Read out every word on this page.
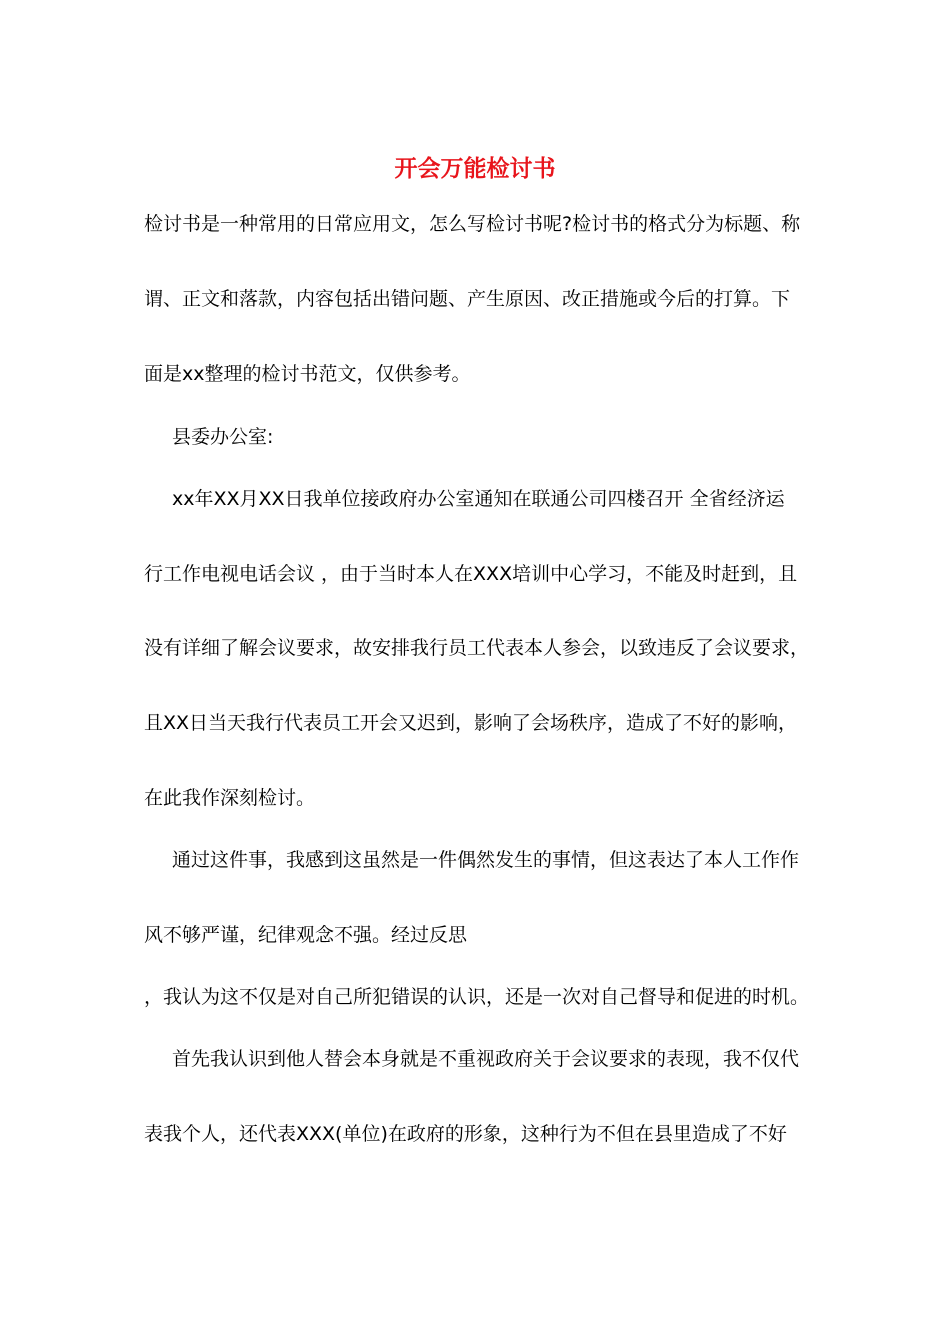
开会万能检讨书

检讨书是一种常用的日常应用文，怎么写检讨书呢?检讨书的格式分为标题、称

谓、正文和落款，内容包括出错问题、产生原因、改正措施或今后的打算。下

面是xx整理的检讨书范文，仅供参考。

县委办公室:

xx年XX月XX日我单位接政府办公室通知在联通公司四楼召开 全省经济运

行工作电视电话会议 ，由于当时本人在XXX培训中心学习，不能及时赶到，且

没有详细了解会议要求，故安排我行员工代表本人参会，以致违反了会议要求，

且XX日当天我行代表员工开会又迟到，影响了会场秩序，造成了不好的影响，

在此我作深刻检讨。

通过这件事，我感到这虽然是一件偶然发生的事情，但这表达了本人工作作

风不够严谨，纪律观念不强。经过反思

，我认为这不仅是对自己所犯错误的认识，还是一次对自己督导和促进的时机。

首先我认识到他人替会本身就是不重视政府关于会议要求的表现，我不仅代

表我个人，还代表XXX(单位)在政府的形象，这种行为不但在县里造成了不好
